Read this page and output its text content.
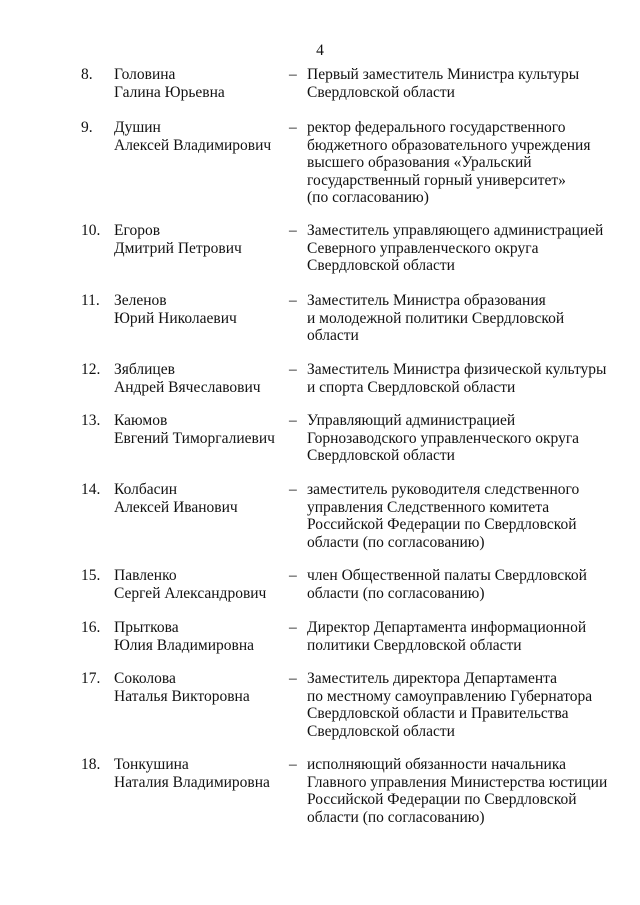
4
8. Головина
Галина Юрьевна
– Первый заместитель Министра культуры
Свердловской области
9. Душин
Алексей Владимирович
– ректор федерального государственного
бюджетного образовательного учреждения
высшего образования «Уральский
государственный горный университет»
(по согласованию)
10. Егоров
Дмитрий Петрович
– Заместитель управляющего администрацией
Северного управленческого округа
Свердловской области
11. Зеленов
Юрий Николаевич
– Заместитель Министра образования
и молодежной политики Свердловской
области
12. Зяблицев
Андрей Вячеславович
– Заместитель Министра физической культуры
и спорта Свердловской области
13. Каюмов
Евгений Тиморгалиевич
– Управляющий администрацией
Горнозаводского управленческого округа
Свердловской области
14. Колбасин
Алексей Иванович
– заместитель руководителя следственного
управления Следственного комитета
Российской Федерации по Свердловской
области (по согласованию)
15. Павленко
Сергей Александрович
– член Общественной палаты Свердловской
области (по согласованию)
16. Прыткова
Юлия Владимировна
– Директор Департамента информационной
политики Свердловской области
17. Соколова
Наталья Викторовна
– Заместитель директора Департамента
по местному самоуправлению Губернатора
Свердловской области и Правительства
Свердловской области
18. Тонкушина
Наталия Владимировна
– исполняющий обязанности начальника
Главного управления Министерства юстиции
Российской Федерации по Свердловской
области (по согласованию)
